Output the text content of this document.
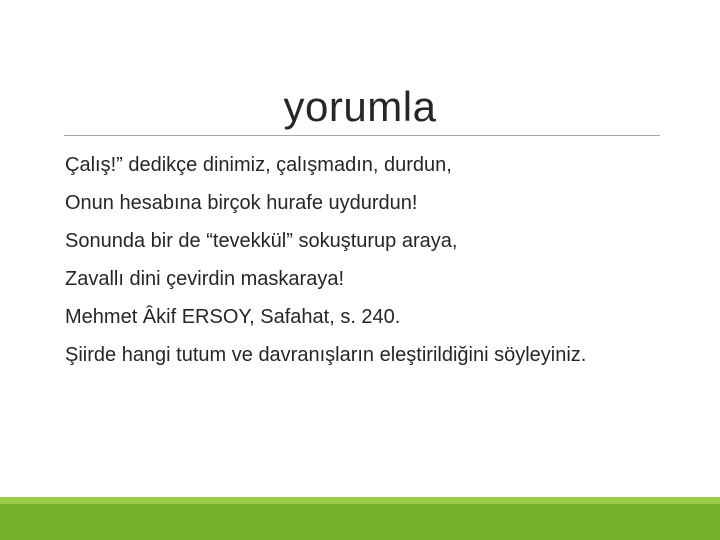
yorumla
Çalış!” dedikçe dinimiz, çalışmadın, durdun,
Onun hesabına birçok hurafe uydurdun!
Sonunda bir de “tevekkül” sokuşturup araya,
Zavallı dini çevirdin maskaraya!
Mehmet Âkif ERSOY, Safahat, s. 240.
Şiirde hangi tutum ve davranışların eleştirildiğini söyleyiniz.
